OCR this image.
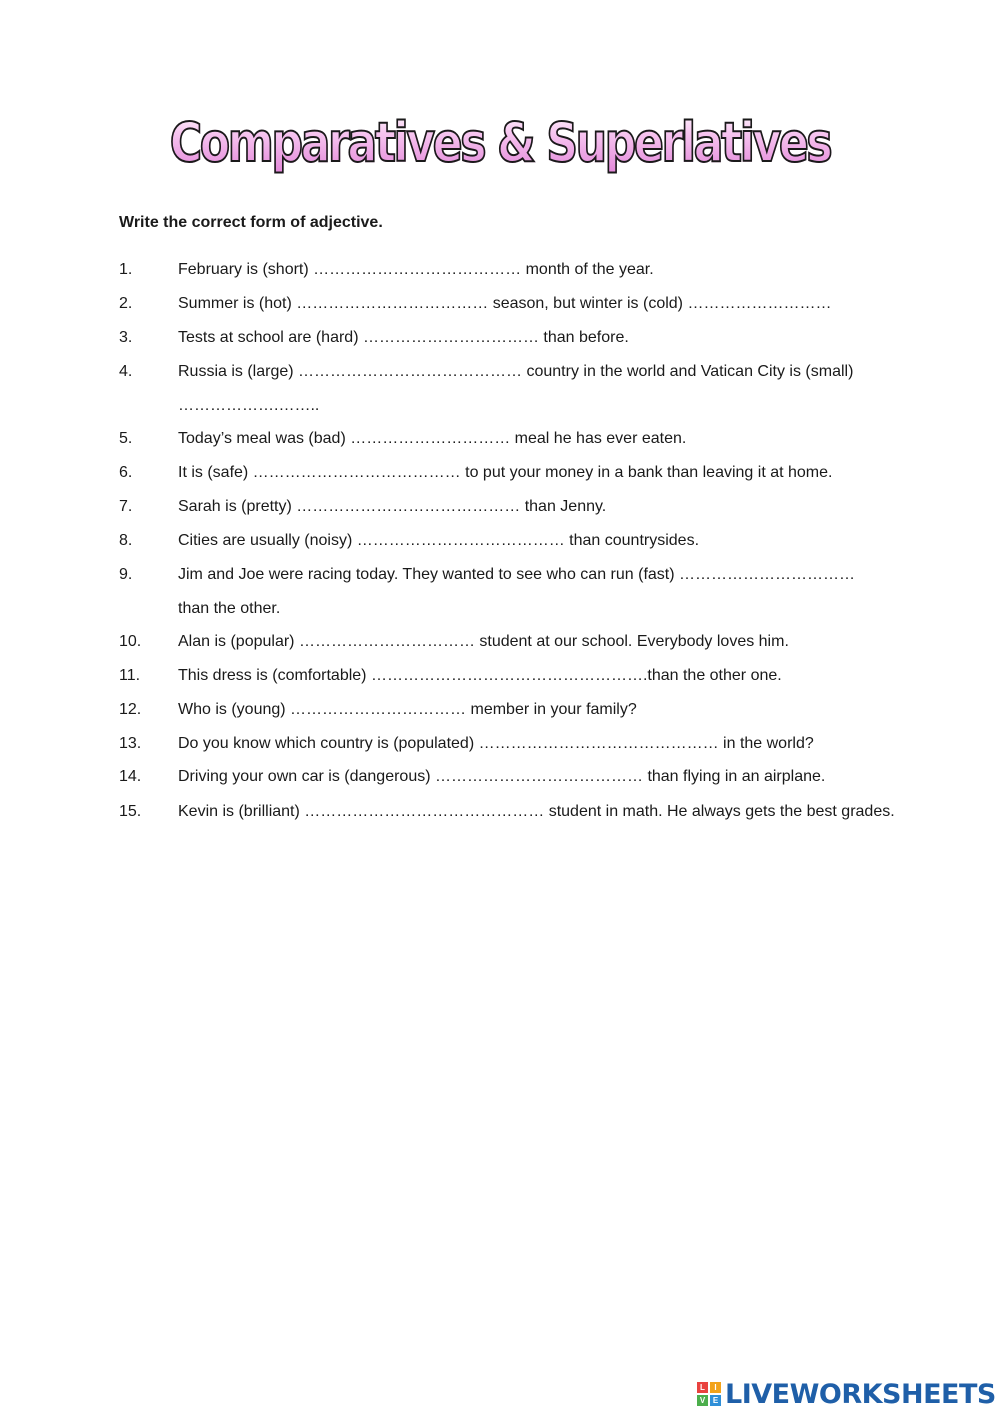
Comparatives & Superlatives

Write the correct form of adjective.

1.	February is (short) ………………………………… month of the year.
2.	Summer is (hot) ……………………………… season, but winter is (cold) ………………………
3.	Tests at school are (hard) …………………………… than before.
4.	Russia is (large) …………………………………… country in the world and Vatican City is (small)
……………….……..
5.	Today’s meal was (bad) ………………………… meal he has ever eaten.
6.	It is (safe) ………………………………… to put your money in a bank than leaving it at home.
7.	Sarah is (pretty) …………………………………… than Jenny.
8.	Cities are usually (noisy) ………………………………… than countrysides.
9.	Jim and Joe were racing today. They wanted to see who can run (fast) ……………………………
than the other.
10.	Alan is (popular) …………………………… student at our school. Everybody loves him.
11.	This dress is (comfortable) …………………………………………….than the other one.
12.	Who is (young) …………………………… member in your family?
13.	Do you know which country is (populated) ……………………………………… in the world?
14.	Driving your own car is (dangerous) ………………………………… than flying in an airplane.
15.	Kevin is (brilliant) ……………………………………… student in math. He always gets the best grades.
L	I
V E LIVEWORKSHEETS
